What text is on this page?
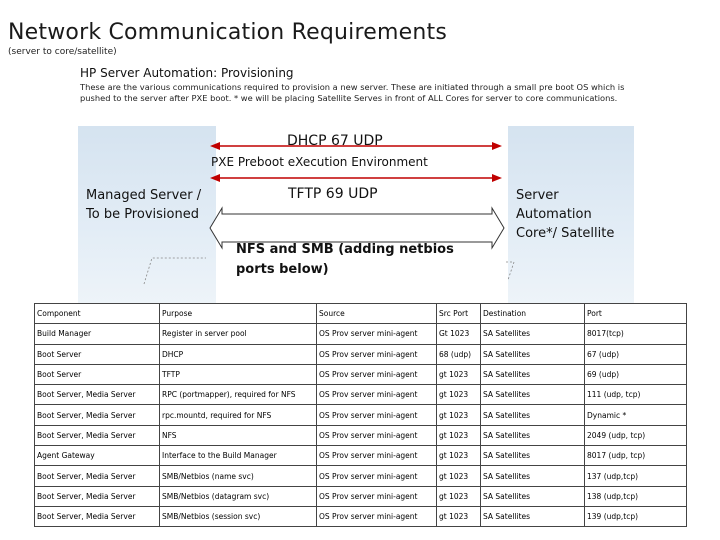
Network Communication Requirements
(server to core/satellite)
HP Server Automation: Provisioning
These are the various communications required to provision a new server. These are initiated through a small pre boot OS which is pushed to the server after PXE boot. * we will be placing Satellite Serves in front of ALL Cores for server to core communications.
Managed Server / To be Provisioned
Server Automation Core*/ Satellite
DHCP 67 UDP
PXE Preboot eXecution Environment
TFTP 69 UDP
NFS and SMB (adding netbios ports below)
Component	Purpose	Source	Src Port	Destination	Port
Build Manager	Register in server pool	OS Prov server mini-agent	Gt 1023	SA Satellites	8017(tcp)
Boot Server	DHCP	OS Prov server mini-agent	68 (udp)	SA Satellites	67 (udp)
Boot Server	TFTP	OS Prov server mini-agent	gt 1023	SA Satellites	69 (udp)
Boot Server, Media Server	RPC (portmapper), required for NFS	OS Prov server mini-agent	gt 1023	SA Satellites	111 (udp, tcp)
Boot Server, Media Server	rpc.mountd, required for NFS	OS Prov server mini-agent	gt 1023	SA Satellites	Dynamic *
Boot Server, Media Server	NFS	OS Prov server mini-agent	gt 1023	SA Satellites	2049 (udp, tcp)
Agent Gateway	Interface to the Build Manager	OS Prov server mini-agent	gt 1023	SA Satellites	8017 (udp, tcp)
Boot Server, Media Server	SMB/Netbios (name svc)	OS Prov server mini-agent	gt 1023	SA Satellites	137 (udp,tcp)
Boot Server, Media Server	SMB/Netbios (datagram svc)	OS Prov server mini-agent	gt 1023	SA Satellites	138 (udp,tcp)
Boot Server, Media Server	SMB/Netbios (session svc)	OS Prov server mini-agent	gt 1023	SA Satellites	139 (udp,tcp)
